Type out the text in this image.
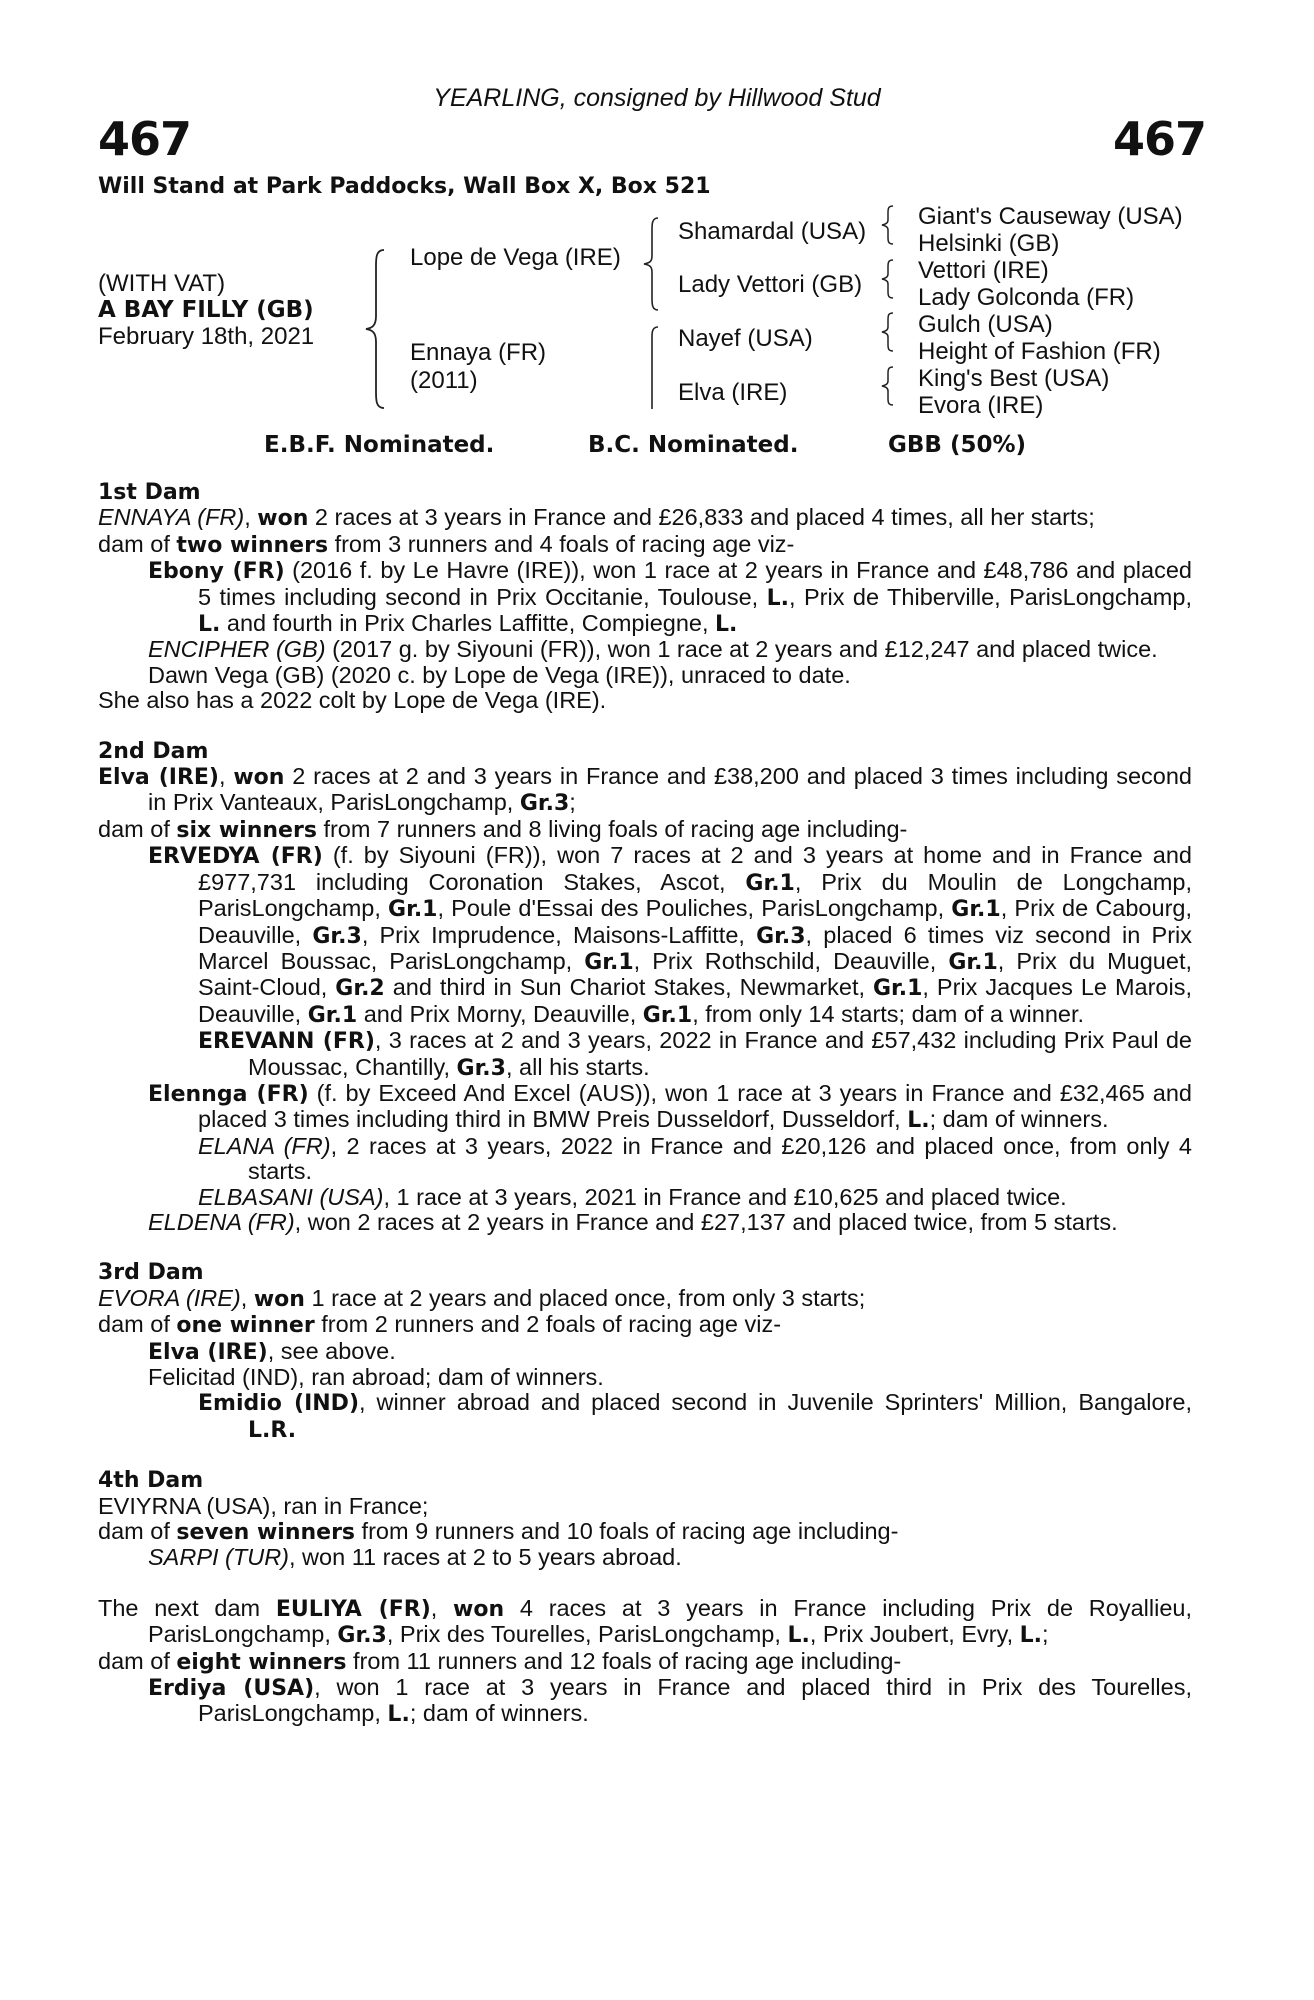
YEARLING, consigned by Hillwood Stud
467	467
Will Stand at Park Paddocks, Wall Box X, Box 521
(WITH VAT)
A BAY FILLY (GB)
February 18th, 2021
Lope de Vega (IRE)
Ennaya (FR)
(2011)
Shamardal (USA)
Lady Vettori (GB)
Nayef (USA)
Elva (IRE)
Giant's Causeway (USA)
Helsinki (GB)
Vettori (IRE)
Lady Golconda (FR)
Gulch (USA)
Height of Fashion (FR)
King's Best (USA)
Evora (IRE)
E.B.F. Nominated.	B.C. Nominated.	GBB (50%)

1st Dam

ENNAYA (FR), won 2 races at 3 years in France and £26,833 and placed 4 times, all her starts;

dam of two winners from 3 runners and 4 foals of racing age viz-

Ebony (FR) (2016 f. by Le Havre (IRE)), won 1 race at 2 years in France and £48,786 and placed 5 times including second in Prix Occitanie, Toulouse, L., Prix de Thiberville, ParisLongchamp, L. and fourth in Prix Charles Laffitte, Compiegne, L.

ENCIPHER (GB) (2017 g. by Siyouni (FR)), won 1 race at 2 years and £12,247 and placed twice.

Dawn Vega (GB) (2020 c. by Lope de Vega (IRE)), unraced to date.

She also has a 2022 colt by Lope de Vega (IRE).

2nd Dam

Elva (IRE), won 2 races at 2 and 3 years in France and £38,200 and placed 3 times including second in Prix Vanteaux, ParisLongchamp, Gr.3;

dam of six winners from 7 runners and 8 living foals of racing age including-

ERVEDYA (FR) (f. by Siyouni (FR)), won 7 races at 2 and 3 years at home and in France and £977,731 including Coronation Stakes, Ascot, Gr.1, Prix du Moulin de Longchamp, ParisLongchamp, Gr.1, Poule d'Essai des Pouliches, ParisLongchamp, Gr.1, Prix de Cabourg, Deauville, Gr.3, Prix Imprudence, Maisons-Laffitte, Gr.3, placed 6 times viz second in Prix Marcel Boussac, ParisLongchamp, Gr.1, Prix Rothschild, Deauville, Gr.1, Prix du Muguet, Saint-Cloud, Gr.2 and third in Sun Chariot Stakes, Newmarket, Gr.1, Prix Jacques Le Marois, Deauville, Gr.1 and Prix Morny, Deauville, Gr.1, from only 14 starts; dam of a winner.

EREVANN (FR), 3 races at 2 and 3 years, 2022 in France and £57,432 including Prix Paul de Moussac, Chantilly, Gr.3, all his starts.

Elennga (FR) (f. by Exceed And Excel (AUS)), won 1 race at 3 years in France and £32,465 and placed 3 times including third in BMW Preis Dusseldorf, Dusseldorf, L.; dam of winners.

ELANA (FR), 2 races at 3 years, 2022 in France and £20,126 and placed once, from only 4 starts.

ELBASANI (USA), 1 race at 3 years, 2021 in France and £10,625 and placed twice.

ELDENA (FR), won 2 races at 2 years in France and £27,137 and placed twice, from 5 starts.

3rd Dam

EVORA (IRE), won 1 race at 2 years and placed once, from only 3 starts;

dam of one winner from 2 runners and 2 foals of racing age viz-

Elva (IRE), see above.

Felicitad (IND), ran abroad; dam of winners.

Emidio (IND), winner abroad and placed second in Juvenile Sprinters' Million, Bangalore, L.R.

4th Dam

EVIYRNA (USA), ran in France;

dam of seven winners from 9 runners and 10 foals of racing age including-

SARPI (TUR), won 11 races at 2 to 5 years abroad.

The next dam EULIYA (FR), won 4 races at 3 years in France including Prix de Royallieu, ParisLongchamp, Gr.3, Prix des Tourelles, ParisLongchamp, L., Prix Joubert, Evry, L.;

dam of eight winners from 11 runners and 12 foals of racing age including-

Erdiya (USA), won 1 race at 3 years in France and placed third in Prix des Tourelles, ParisLongchamp, L.; dam of winners.
